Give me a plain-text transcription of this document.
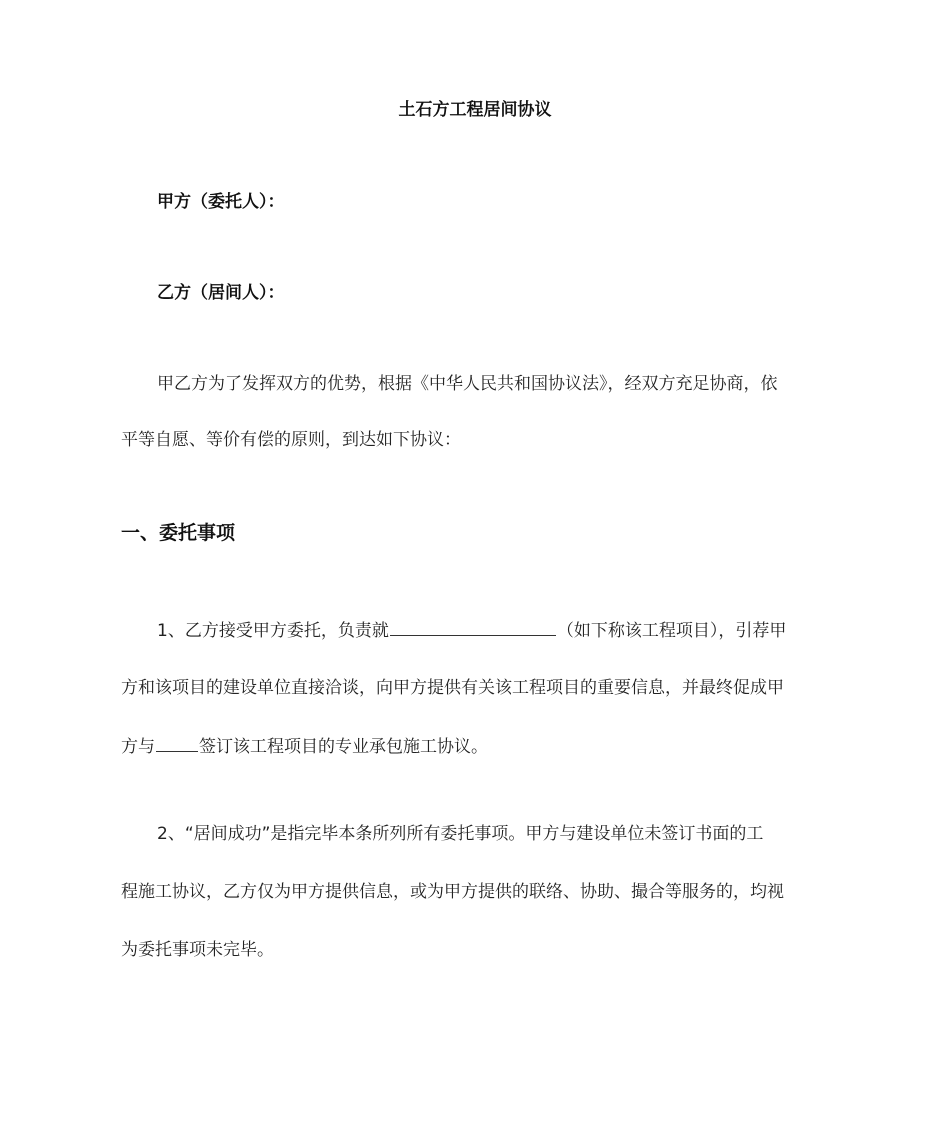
土石方工程居间协议
甲方（委托人）：
乙方（居间人）：
甲乙方为了发挥双方的优势，根据《中华人民共和国协议法》，经双方充足协商，依
平等自愿、等价有偿的原则，到达如下协议：
一、委托事项
1、乙方接受甲方委托，负责就	（如下称该工程项目），引荐甲
方和该项目的建设单位直接洽谈，向甲方提供有关该工程项目的重要信息，并最终促成甲
方与	签订该工程项目的专业承包施工协议。
2、“居间成功”是指完毕本条所列所有委托事项。甲方与建设单位未签订书面的工
程施工协议，乙方仅为甲方提供信息，或为甲方提供的联络、协助、撮合等服务的，均视
为委托事项未完毕。
